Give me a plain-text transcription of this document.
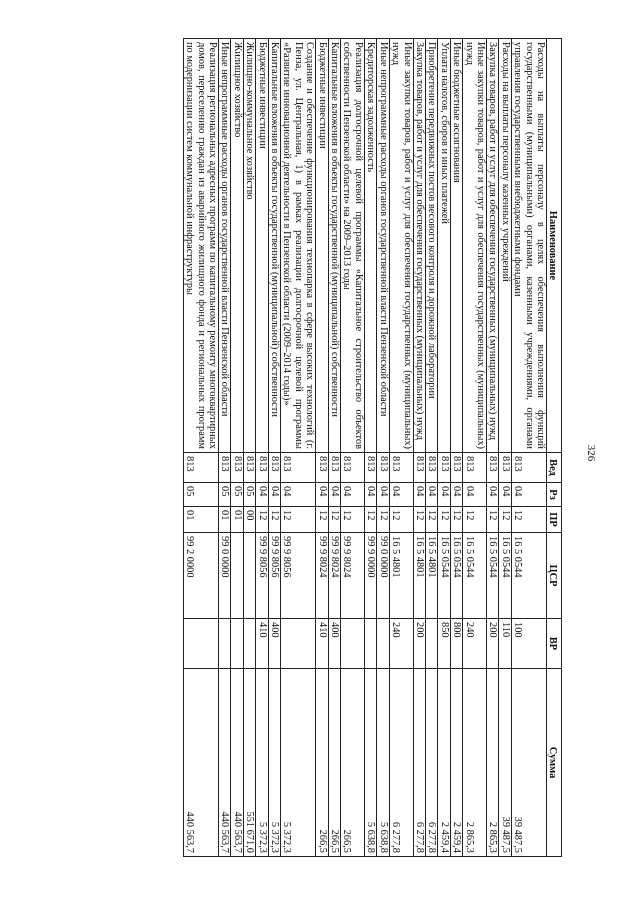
326
Наименование	Вед	Рз	ПР	ЦСР	ВР	Сумма
Расходы на выплаты персоналу в целях обеспечения выполнения функций государственными (муниципальными) органами, казенными учреждениями, органами управления государственными внебюджетными фондами	813	04	12	16 5 0544	100	39 487,5
Расходы на выплаты персоналу казенных учреждений	813	04	12	16 5 0544	110	39 487,5
Закупка товаров, работ и услуг для обеспечения государственных (муниципальных) нужд	813	04	12	16 5 0544	200	2 865,3
Иные закупки товаров, работ и услуг для обеспечения государственных (муниципальных) нужд	813	04	12	16 5 0544	240	2 865,3
Иные бюджетные ассигнования	813	04	12	16 5 0544	800	2 459,4
Уплата налогов, сборов и иных платежей	813	04	12	16 5 0544	850	2 459,4
Приобретение передвижных постов весового контроля и дорожной лаборатории	813	04	12	16 5 4801		6 277,8
Закупка товаров, работ и услуг для обеспечения государственных (муниципальных) нужд	813	04	12	16 5 4801	200	6 277,8
Иные закупки товаров, работ и услуг для обеспечения государственных (муниципальных) нужд	813	04	12	16 5 4801	240	6 277,8
Иные непрограммные расходы органов государственной власти Пензенской области	813	04	12	99 0 0000		5 638,8
Кредиторская задолженность	813	04	12	99 9 0000		5 638,8
Реализация долгосрочной целевой программы «Капитальное строительство объектов собственности Пензенской области» на 2009–2013 годы	813	04	12	99 9 8024		266,5
Капитальные вложения в объекты государственной (муниципальной) собственности	813	04	12	99 9 8024	400	266,5
Бюджетные инвестиции	813	04	12	99 9 8024	410	266,5
Создание и обеспечение функционирования технопарка в сфере высоких технологий (г. Пенза, ул. Центральная, 1) в рамках реализации долгосрочной целевой программы «Развитие инновационной деятельности в Пензенской области (2009–2014 годы)»	813	04	12	99 9 8056		5 372,3
Капитальные вложения в объекты государственной (муниципальной) собственности	813	04	12	99 9 8056	400	5 372,3
Бюджетные инвестиции	813	04	12	99 9 8056	410	5 372,3
Жилищно-коммунальное хозяйство	813	05	00			551 671,0
Жилищное хозяйство	813	05	01			440 563,7
Иные непрограммные расходы органов государственной власти Пензенской области	813	05	01	99 0 0000		440 563,7
Реализация региональных адресных программ по капитальному ремонту многоквартирных домов, переселению граждан из аварийного жилищного фонда и региональных программ по модернизации систем коммунальной инфраструктуры	813	05	01	99 2 0000		440 563,7
